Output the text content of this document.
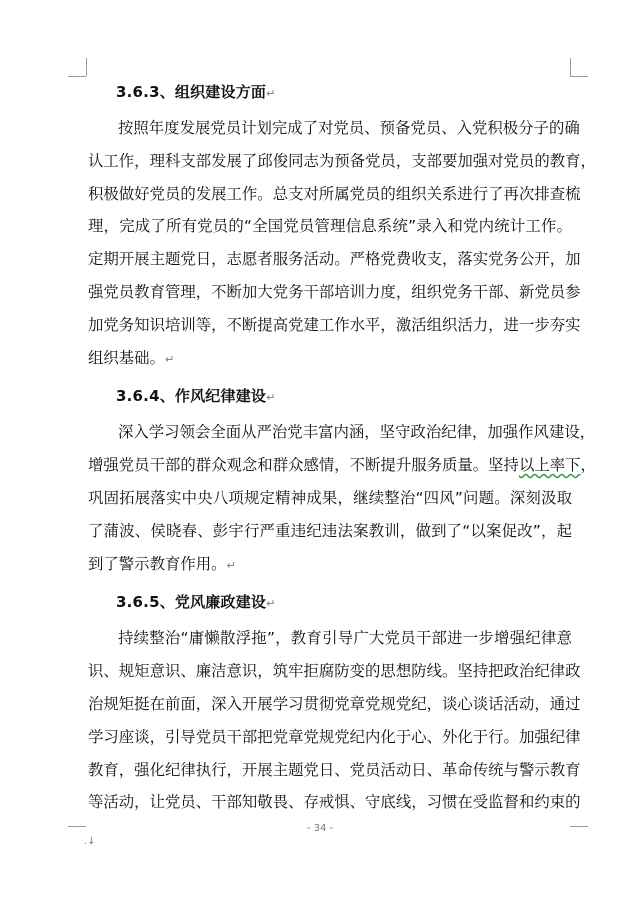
3.6.3、组织建设方面↵
按照年度发展党员计划完成了对党员、预备党员、入党积极分子的确
认工作，理科支部发展了邱俊同志为预备党员，支部要加强对党员的教育，
积极做好党员的发展工作。总支对所属党员的组织关系进行了再次排查梳
理，完成了所有党员的“全国党员管理信息系统”录入和党内统计工作。
定期开展主题党日，志愿者服务活动。严格党费收支，落实党务公开，加
强党员教育管理，不断加大党务干部培训力度，组织党务干部、新党员参
加党务知识培训等，不断提高党建工作水平，激活组织活力，进一步夯实
组织基础。↵
3.6.4、作风纪律建设↵
深入学习领会全面从严治党丰富内涵，坚守政治纪律，加强作风建设，
增强党员干部的群众观念和群众感情，不断提升服务质量。坚持以上率下，
巩固拓展落实中央八项规定精神成果，继续整治“四风”问题。深刻汲取
了蒲波、侯晓春、彭宇行严重违纪违法案教训，做到了“以案促改”，起
到了警示教育作用。↵
3.6.5、党风廉政建设↵
持续整治“庸懒散浮拖”，教育引导广大党员干部进一步增强纪律意
识、规矩意识、廉洁意识，筑牢拒腐防变的思想防线。坚持把政治纪律政
治规矩挺在前面，深入开展学习贯彻党章党规党纪，谈心谈话活动，通过
学习座谈，引导党员干部把党章党规党纪内化于心、外化于行。加强纪律
教育，强化纪律执行，开展主题党日、党员活动日、革命传统与警示教育
等活动，让党员、干部知敬畏、存戒惧、守底线，习惯在受监督和约束的
- 34 -
.↓
